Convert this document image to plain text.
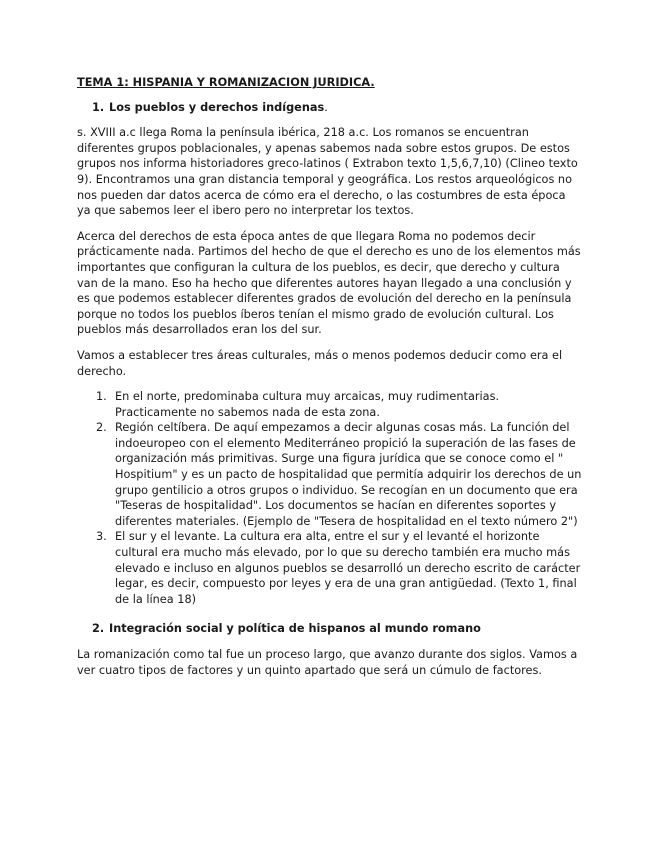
TEMA 1: HISPANIA Y ROMANIZACION JURIDICA.
1. Los pueblos y derechos indígenas.

s. XVIII a.c llega Roma la península ibérica, 218 a.c. Los romanos se encuentran diferentes grupos poblacionales, y apenas sabemos nada sobre estos grupos. De estos grupos nos informa historiadores greco-latinos ( Extrabon texto 1,5,6,7,10) (Clineo texto 9). Encontramos una gran distancia temporal y geográfica. Los restos arqueológicos no nos pueden dar datos acerca de cómo era el derecho, o las costumbres de esta época ya que sabemos leer el ibero pero no interpretar los textos.

Acerca del derechos de esta época antes de que llegara Roma no podemos decir prácticamente nada. Partimos del hecho de que el derecho es uno de los elementos más importantes que configuran la cultura de los pueblos, es decir, que derecho y cultura van de la mano. Eso ha hecho que diferentes autores hayan llegado a una conclusión y es que podemos establecer diferentes grados de evolución del derecho en la península porque no todos los pueblos íberos tenían el mismo grado de evolución cultural. Los pueblos más desarrollados eran los del sur.

Vamos a establecer tres áreas culturales, más o menos podemos deducir como era el derecho.

1. En el norte, predominaba cultura muy arcaicas, muy rudimentarias. Practicamente no sabemos nada de esta zona.
2. Región celtíbera. De aquí empezamos a decir algunas cosas más. La función del indoeuropeo con el elemento Mediterráneo propició la superación de las fases de organización más primitivas. Surge una figura jurídica que se conoce como el " Hospitium" y es un pacto de hospitalidad que permitía adquirir los derechos de un grupo gentilicio a otros grupos o individuo. Se recogían en un documento que era "Teseras de hospitalidad". Los documentos se hacían en diferentes soportes y diferentes materiales. (Ejemplo de "Tesera de hospitalidad en el texto número 2")
3. El sur y el levante. La cultura era alta, entre el sur y el levanté el horizonte cultural era mucho más elevado, por lo que su derecho también era mucho más elevado e incluso en algunos pueblos se desarrolló un derecho escrito de carácter legar, es decir, compuesto por leyes y era de una gran antigüedad. (Texto 1, final de la línea 18)
2. Integración social y política de hispanos al mundo romano

La romanización como tal fue un proceso largo, que avanzo durante dos siglos. Vamos a ver cuatro tipos de factores y un quinto apartado que será un cúmulo de factores.
